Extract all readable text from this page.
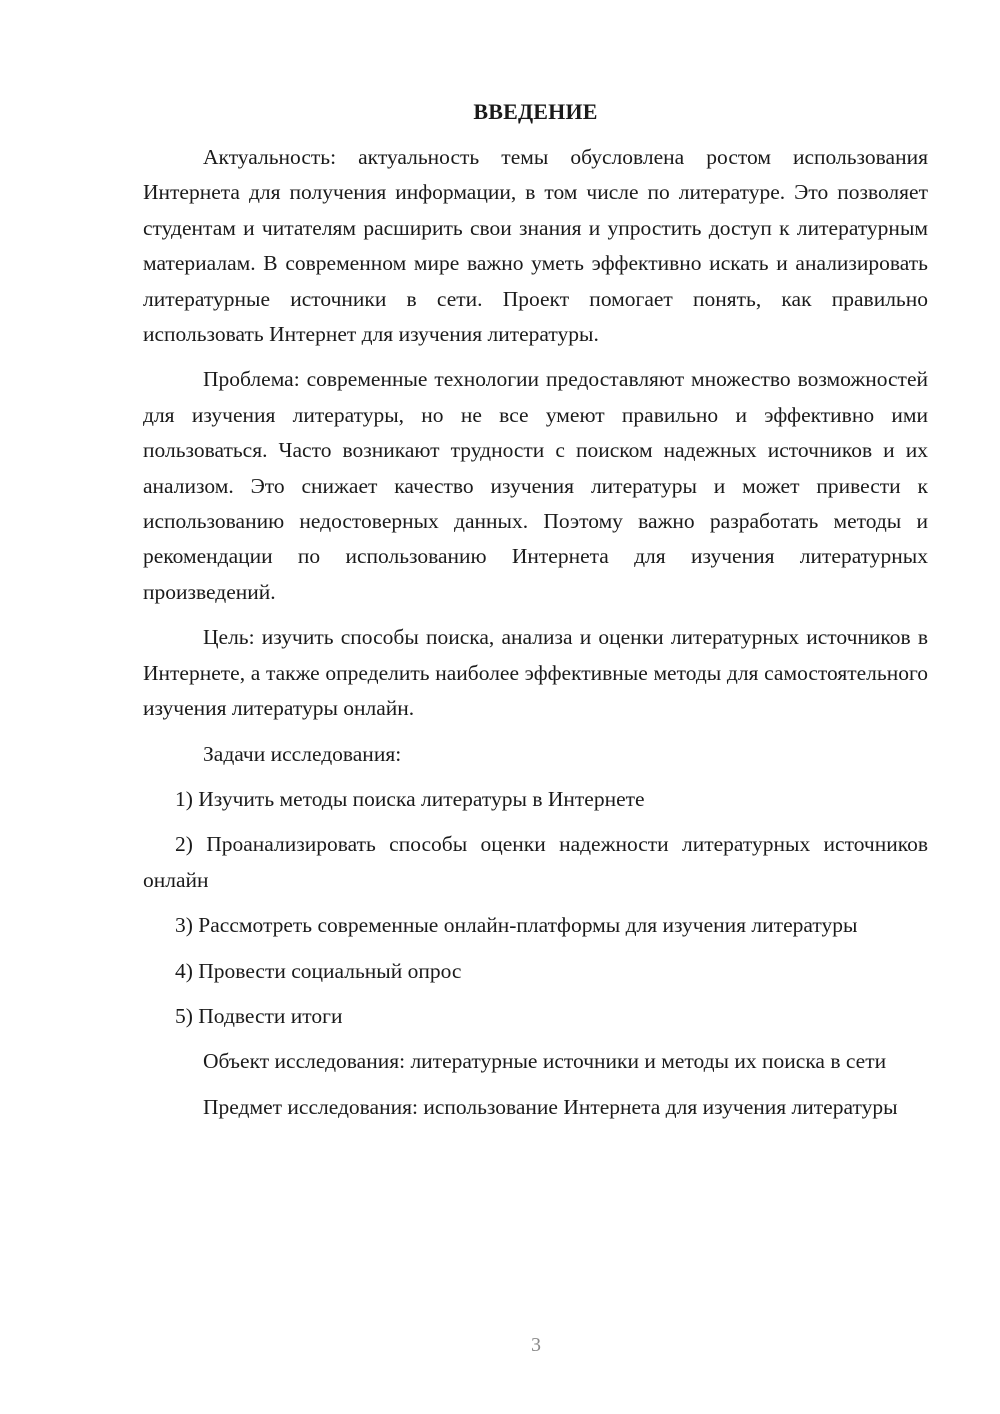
ВВЕДЕНИЕ

Актуальность: актуальность темы обусловлена ростом использования Интернета для получения информации, в том числе по литературе. Это позволяет студентам и читателям расширить свои знания и упростить доступ к литературным материалам. В современном мире важно уметь эффективно искать и анализировать литературные источники в сети. Проект помогает понять, как правильно использовать Интернет для изучения литературы.

Проблема: современные технологии предоставляют множество возможностей для изучения литературы, но не все умеют правильно и эффективно ими пользоваться. Часто возникают трудности с поиском надежных источников и их анализом. Это снижает качество изучения литературы и может привести к использованию недостоверных данных. Поэтому важно разработать методы и рекомендации по использованию Интернета для изучения литературных произведений.

Цель: изучить способы поиска, анализа и оценки литературных источников в Интернете, а также определить наиболее эффективные методы для самостоятельного изучения литературы онлайн.

Задачи исследования:

1) Изучить методы поиска литературы в Интернете

2) Проанализировать способы оценки надежности литературных источников онлайн

3) Рассмотреть современные онлайн-платформы для изучения литературы

4) Провести социальный опрос

5) Подвести итоги

Объект исследования: литературные источники и методы их поиска в сети

Предмет исследования: использование Интернета для изучения литературы

3
